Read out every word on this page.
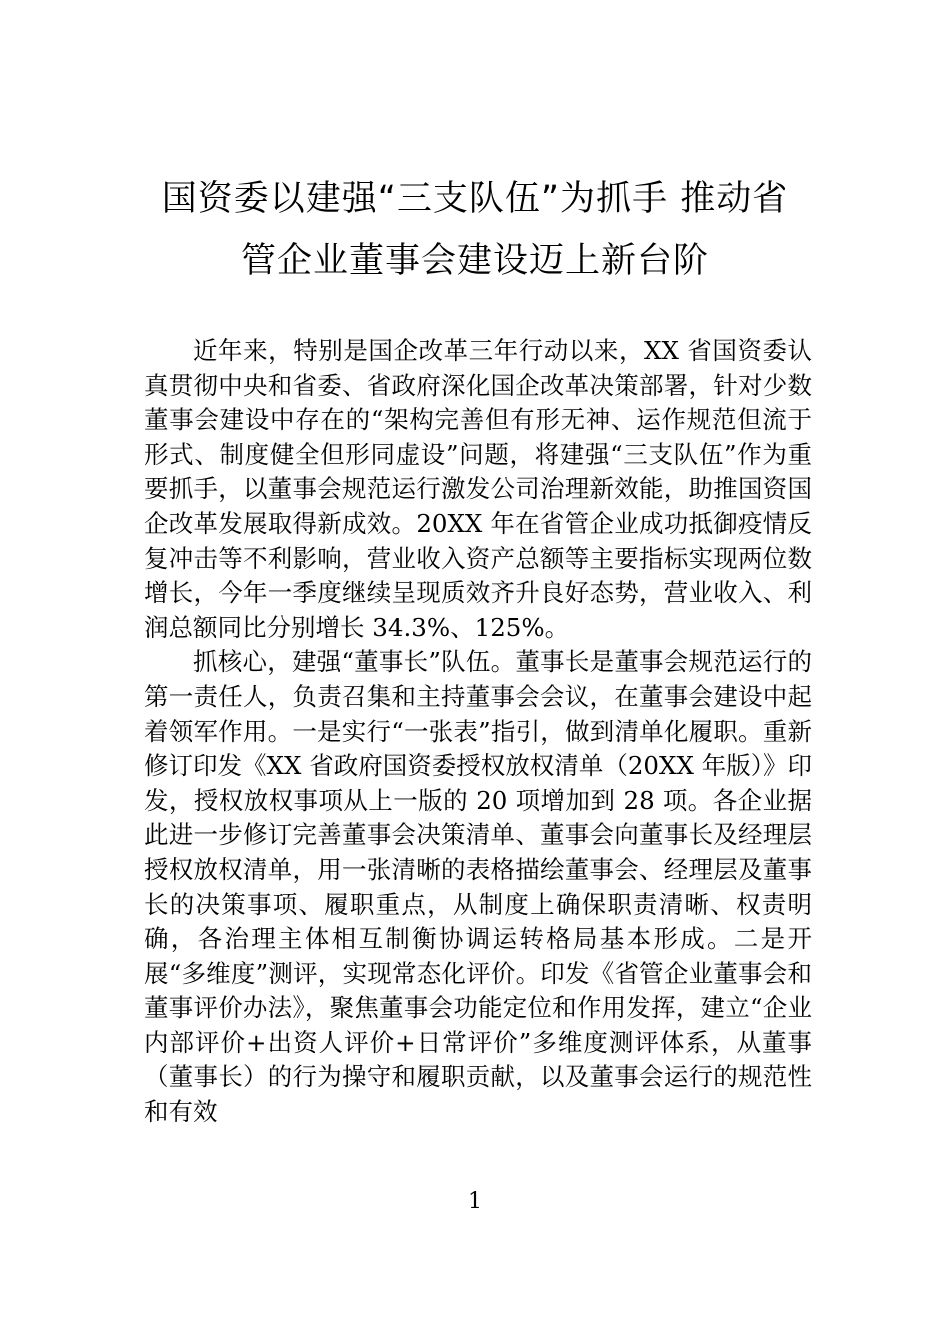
国资委以建强“三支队伍”为抓手 推动省
管企业董事会建设迈上新台阶

近年来，特别是国企改革三年行动以来，XX 省国资委认真贯彻中央和省委、省政府深化国企改革决策部署，针对少数董事会建设中存在的“架构完善但有形无神、运作规范但流于形式、制度健全但形同虚设”问题，将建强“三支队伍”作为重要抓手，以董事会规范运行激发公司治理新效能，助推国资国企改革发展取得新成效。20XX 年在省管企业成功抵御疫情反复冲击等不利影响，营业收入资产总额等主要指标实现两位数增长，今年一季度继续呈现质效齐升良好态势，营业收入、利润总额同比分别增长 34.3%、125%。

抓核心，建强“董事长”队伍。董事长是董事会规范运行的第一责任人，负责召集和主持董事会会议，在董事会建设中起着领军作用。一是实行“一张表”指引，做到清单化履职。重新修订印发《XX 省政府国资委授权放权清单（20XX 年版）》印发，授权放权事项从上一版的 20 项增加到 28 项。各企业据此进一步修订完善董事会决策清单、董事会向董事长及经理层授权放权清单，用一张清晰的表格描绘董事会、经理层及董事长的决策事项、履职重点，从制度上确保职责清晰、权责明确，各治理主体相互制衡协调运转格局基本形成。二是开展“多维度”测评，实现常态化评价。印发《省管企业董事会和董事评价办法》，聚焦董事会功能定位和作用发挥，建立“企业内部评价+出资人评价+日常评价”多维度测评体系，从董事（董事长）的行为操守和履职贡献，以及董事会运行的规范性和有效

1
